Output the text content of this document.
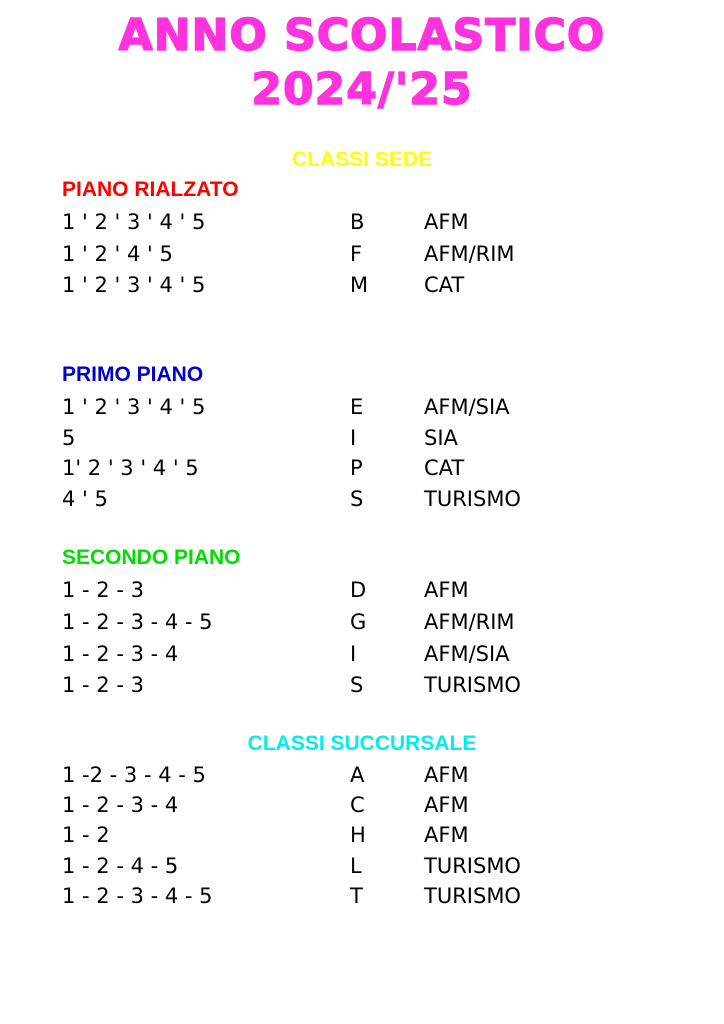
ANNO SCOLASTICO
2024/'25
CLASSI SEDE
PIANO RIALZATO
1 ' 2 ' 3 ' 4 ' 5	B	AFM
1 ' 2 ' 4 ' 5	F	AFM/RIM
1 ' 2 ' 3 ' 4 ' 5	M	CAT
PRIMO PIANO
1 ' 2 ' 3 ' 4 ' 5	E	AFM/SIA
5	I	SIA
1' 2 ' 3 ' 4 ' 5	P	CAT
4 ' 5	S	TURISMO
SECONDO PIANO
1 - 2 - 3	D	AFM
1 - 2 - 3 - 4 - 5	G	AFM/RIM
1 - 2 - 3 - 4	I	AFM/SIA
1 - 2 - 3	S	TURISMO
CLASSI SUCCURSALE
1 -2 - 3 - 4 - 5	A	AFM
1 - 2 - 3 - 4	C	AFM
1 - 2	H	AFM
1 - 2 - 4 - 5	L	TURISMO
1 - 2 - 3 - 4 - 5	T	TURISMO
